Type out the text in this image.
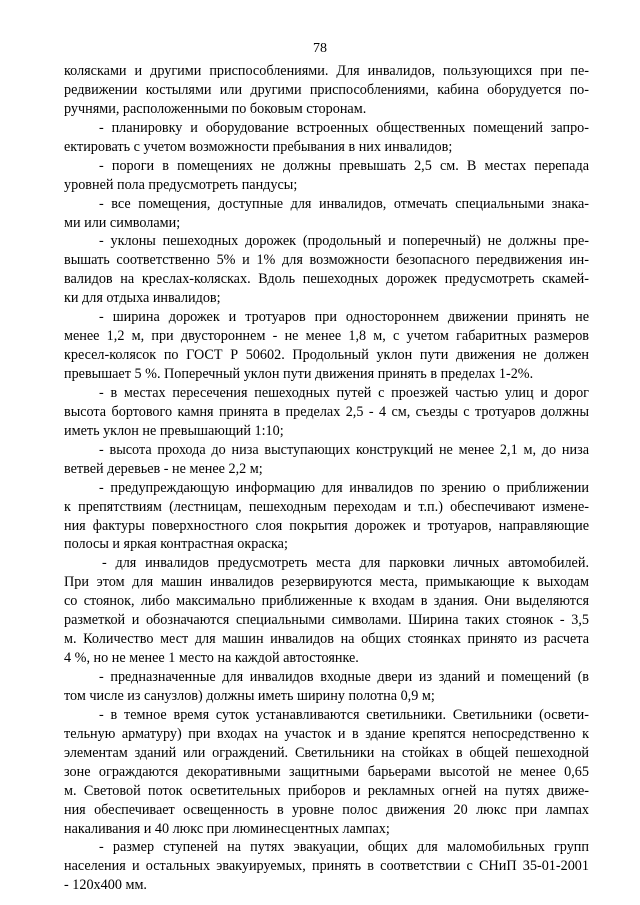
78
колясками и другими приспособлениями. Для инвалидов, пользующихся при пе-
редвижении костылями или другими приспособлениями, кабина оборудуется по-
ручнями, расположенными по боковым сторонам.
- планировку и оборудование встроенных общественных помещений запро-
ектировать с учетом возможности пребывания в них инвалидов;
- пороги в помещениях не должны превышать 2,5 см. В местах перепада
уровней пола предусмотреть пандусы;
- все помещения, доступные для инвалидов, отмечать специальными знака-
ми или символами;
- уклоны пешеходных дорожек (продольный и поперечный) не должны пре-
вышать соответственно 5% и 1% для возможности безопасного передвижения ин-
валидов на креслах-колясках. Вдоль пешеходных дорожек предусмотреть скамей-
ки для отдыха инвалидов;
- ширина дорожек и тротуаров при одностороннем движении принять не
менее 1,2 м, при двустороннем - не менее 1,8 м, с учетом габаритных размеров
кресел-колясок по ГОСТ Р 50602. Продольный уклон пути движения не должен
превышает 5 %. Поперечный уклон пути движения принять в пределах 1-2%.
- в местах пересечения пешеходных путей с проезжей частью улиц и дорог
высота бортового камня принята в пределах 2,5 - 4 см, съезды с тротуаров должны
иметь уклон не превышающий 1:10;
- высота прохода до низа выступающих конструкций не менее 2,1 м, до низа
ветвей деревьев - не менее 2,2 м;
- предупреждающую информацию для инвалидов по зрению о приближении
к препятствиям (лестницам, пешеходным переходам и т.п.) обеспечивают измене-
ния фактуры поверхностного слоя покрытия дорожек и тротуаров, направляющие
полосы и яркая контрастная окраска;
- для инвалидов предусмотреть места для парковки личных автомобилей.
При этом для машин инвалидов резервируются места, примыкающие к выходам
со стоянок, либо максимально приближенные к входам в здания. Они выделяются
разметкой и обозначаются специальными символами. Ширина таких стоянок - 3,5
м. Количество мест для машин инвалидов на общих стоянках принято из расчета
4 %, но не менее 1 место на каждой автостоянке.
- предназначенные для инвалидов входные двери из зданий и помещений (в
том числе из санузлов) должны иметь ширину полотна 0,9 м;
- в темное время суток устанавливаются светильники. Светильники (освети-
тельную арматуру) при входах на участок и в здание крепятся непосредственно к
элементам зданий или ограждений. Светильники на стойках в общей пешеходной
зоне ограждаются декоративными защитными барьерами высотой не менее 0,65
м. Световой поток осветительных приборов и рекламных огней на путях движе-
ния обеспечивает освещенность в уровне полос движения 20 люкс при лампах
накаливания и 40 люкс при люминесцентных лампах;
- размер ступеней на путях эвакуации, общих для маломобильных групп
населения и остальных эвакуируемых, принять в соответствии с СНиП 35-01-2001
- 120х400 мм.
